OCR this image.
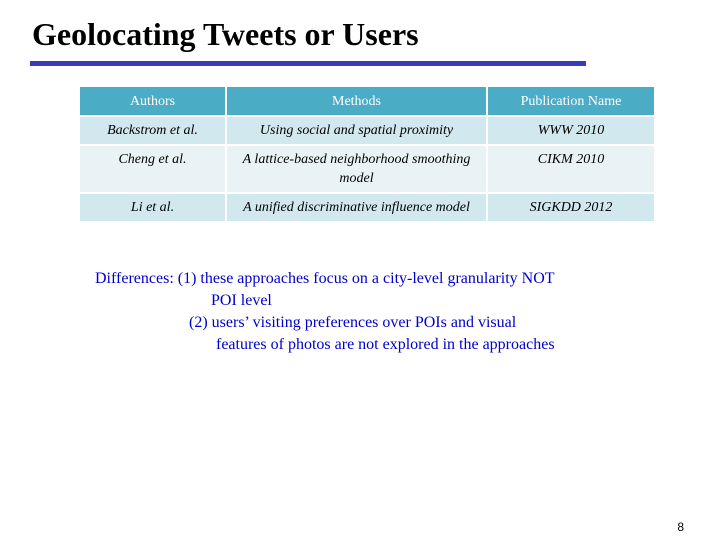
Geolocating Tweets or Users
Authors	Methods	Publication Name
Backstrom et al.	Using social and spatial proximity	WWW 2010
Cheng et al.	A lattice-based neighborhood smoothing model	CIKM 2010
Li et al.	A unified discriminative influence model	SIGKDD 2012
Differences: (1) these approaches focus on a city-level granularity NOT
POI level
(2) users’ visiting preferences over POIs and visual
features of photos are not explored in the approaches
8
